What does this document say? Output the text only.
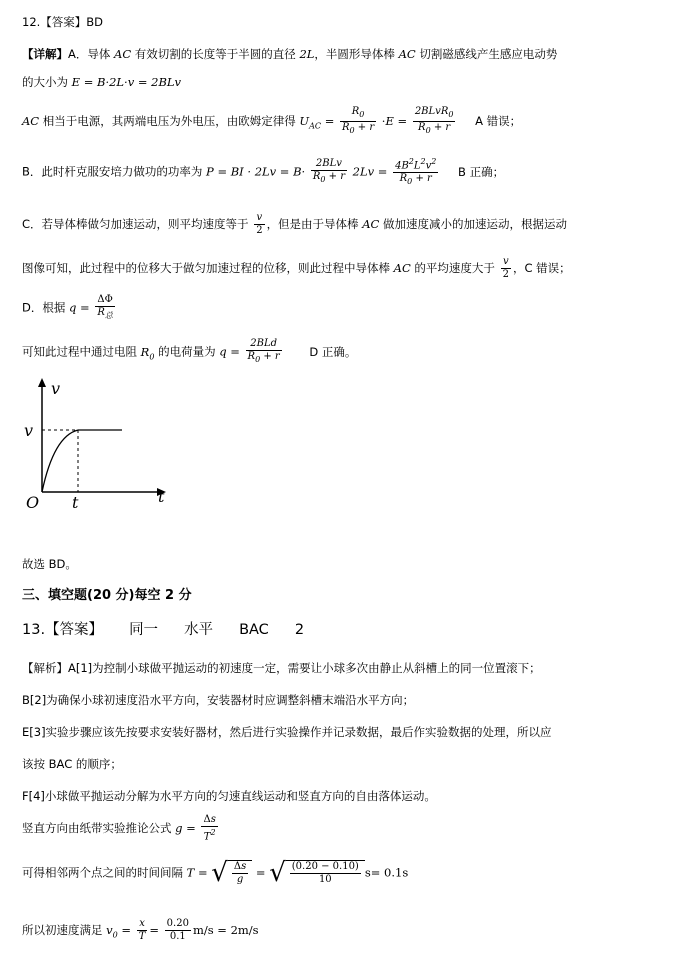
12.【答案】BD
【详解】A．导体 AC 有效切割的长度等于半圆的直径 2L，半圆形导体棒 AC 切割磁感线产生感应电动势
的大小为 E = B·2L·v = 2BLv
AC 相当于电源，其两端电压为外电压，由欧姆定律得 $U_{AC} = \frac{R_0}{R_0 + r} \cdot E = \frac{2BLvR_0}{R_0 + r}$ A 错误；
B．此时杆克服安培力做功的功率为 P = BI · $2Lv = B\cdot \frac{\text{2BLv}}{R_0 + r} 2Lv = \frac{4B^2L^2v^2}{R_0 + r}$ B 正确；
C．若导体棒做匀加速运动，则平均速度等于 $\frac{v}{2}$ ，但是由于导体棒 AC 做加速度减小的加速运动，根据运动
图像可知，此过程中的位移大于做匀加速过程的位移，则此过程中导体棒 AC 的平均速度大于 $\frac{v}{2}$ ，C 错误；
D．根据 $q = \frac{\Delta\Phi}{R_总}$
可知此过程中通过电阻 $R_0$ 的电荷量为 $q = \frac{\text{2BLd}}{R_0 + r}$ D 正确。
v
v
O t	t
故选 BD。
三、填空题(20 分)每空 2 分
13.【答案】 同一 水平 BAC 2
【解析】A[1]为控制小球做平抛运动的初速度一定，需要让小球多次由静止从斜槽上的同一位置滚下；
B[2]为确保小球初速度沿水平方向，安装器材时应调整斜槽末端沿水平方向；
E[3]实验步骤应该先按要求安装好器材，然后进行实验操作并记录数据，最后作实验数据的处理，所以应
该按 BAC 的顺序；
F[4]小球做平抛运动分解为水平方向的匀速直线运动和竖直方向的自由落体运动。
竖直方向由纸带实验推论公式 $g = \frac{\Delta s}{T^2}$
可得相邻两个点之间的时间间隔 T = √ $\frac{\Delta s}{g}$ = √ $\frac{(0.20 - 0.10)}{10} s= 0.1s$
所以初速度满足 $v_0 = \frac{x}{T} = \frac{0.20}{0.1} m/s = 2m/s$
